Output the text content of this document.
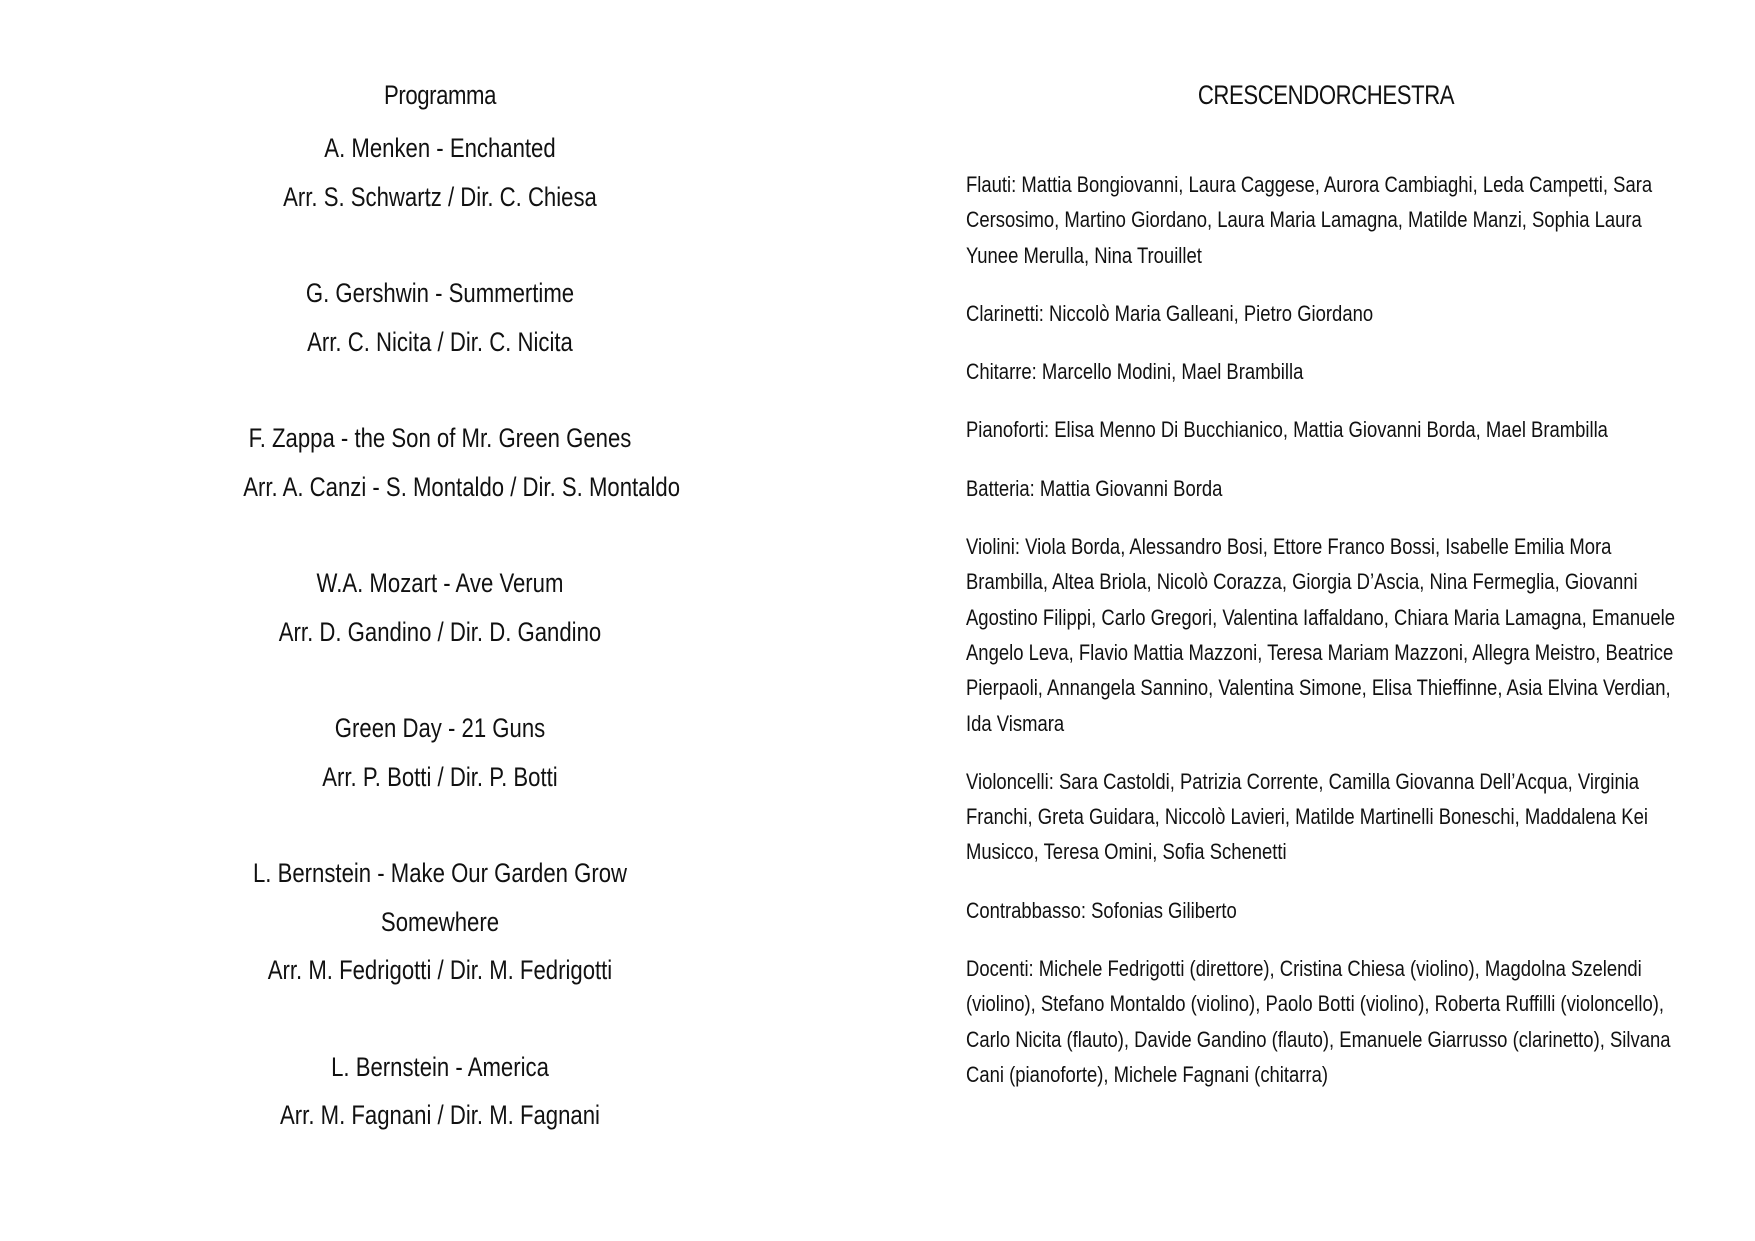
Programma
A. Menken - Enchanted
Arr. S. Schwartz / Dir. C. Chiesa
G. Gershwin - Summertime
Arr. C. Nicita / Dir. C. Nicita
F. Zappa - the Son of Mr. Green Genes
Arr. A. Canzi - S. Montaldo / Dir. S. Montaldo
W.A. Mozart - Ave Verum
Arr. D. Gandino / Dir. D. Gandino
Green Day - 21 Guns
Arr. P. Botti / Dir. P. Botti
L. Bernstein - Make Our Garden Grow
Somewhere
Arr. M. Fedrigotti / Dir. M. Fedrigotti
L. Bernstein - America
Arr. M. Fagnani / Dir. M. Fagnani
CRESCENDORCHESTRA

Flauti: Mattia Bongiovanni, Laura Caggese, Aurora Cambiaghi, Leda Campetti, Sara Cersosimo, Martino Giordano, Laura Maria Lamagna, Matilde Manzi, Sophia Laura Yunee Merulla, Nina Trouillet

Clarinetti: Niccolò Maria Galleani, Pietro Giordano

Chitarre: Marcello Modini, Mael Brambilla

Pianoforti: Elisa Menno Di Bucchianico, Mattia Giovanni Borda, Mael Brambilla

Batteria: Mattia Giovanni Borda

Violini: Viola Borda, Alessandro Bosi, Ettore Franco Bossi, Isabelle Emilia Mora Brambilla, Altea Briola, Nicolò Corazza, Giorgia D’Ascia, Nina Fermeglia, Giovanni Agostino Filippi, Carlo Gregori, Valentina Iaffaldano, Chiara Maria Lamagna, Emanuele Angelo Leva, Flavio Mattia Mazzoni, Teresa Mariam Mazzoni, Allegra Meistro, Beatrice Pierpaoli, Annangela Sannino, Valentina Simone, Elisa Thieffinne, Asia Elvina Verdian, Ida Vismara

Violoncelli: Sara Castoldi, Patrizia Corrente, Camilla Giovanna Dell’Acqua, Virginia Franchi, Greta Guidara, Niccolò Lavieri, Matilde Martinelli Boneschi, Maddalena Kei Musicco, Teresa Omini, Sofia Schenetti

Contrabbasso: Sofonias Giliberto

Docenti: Michele Fedrigotti (direttore), Cristina Chiesa (violino), Magdolna Szelendi (violino), Stefano Montaldo (violino), Paolo Botti (violino), Roberta Ruffilli (violoncello), Carlo Nicita (flauto), Davide Gandino (flauto), Emanuele Giarrusso (clarinetto), Silvana Cani (pianoforte), Michele Fagnani (chitarra)
